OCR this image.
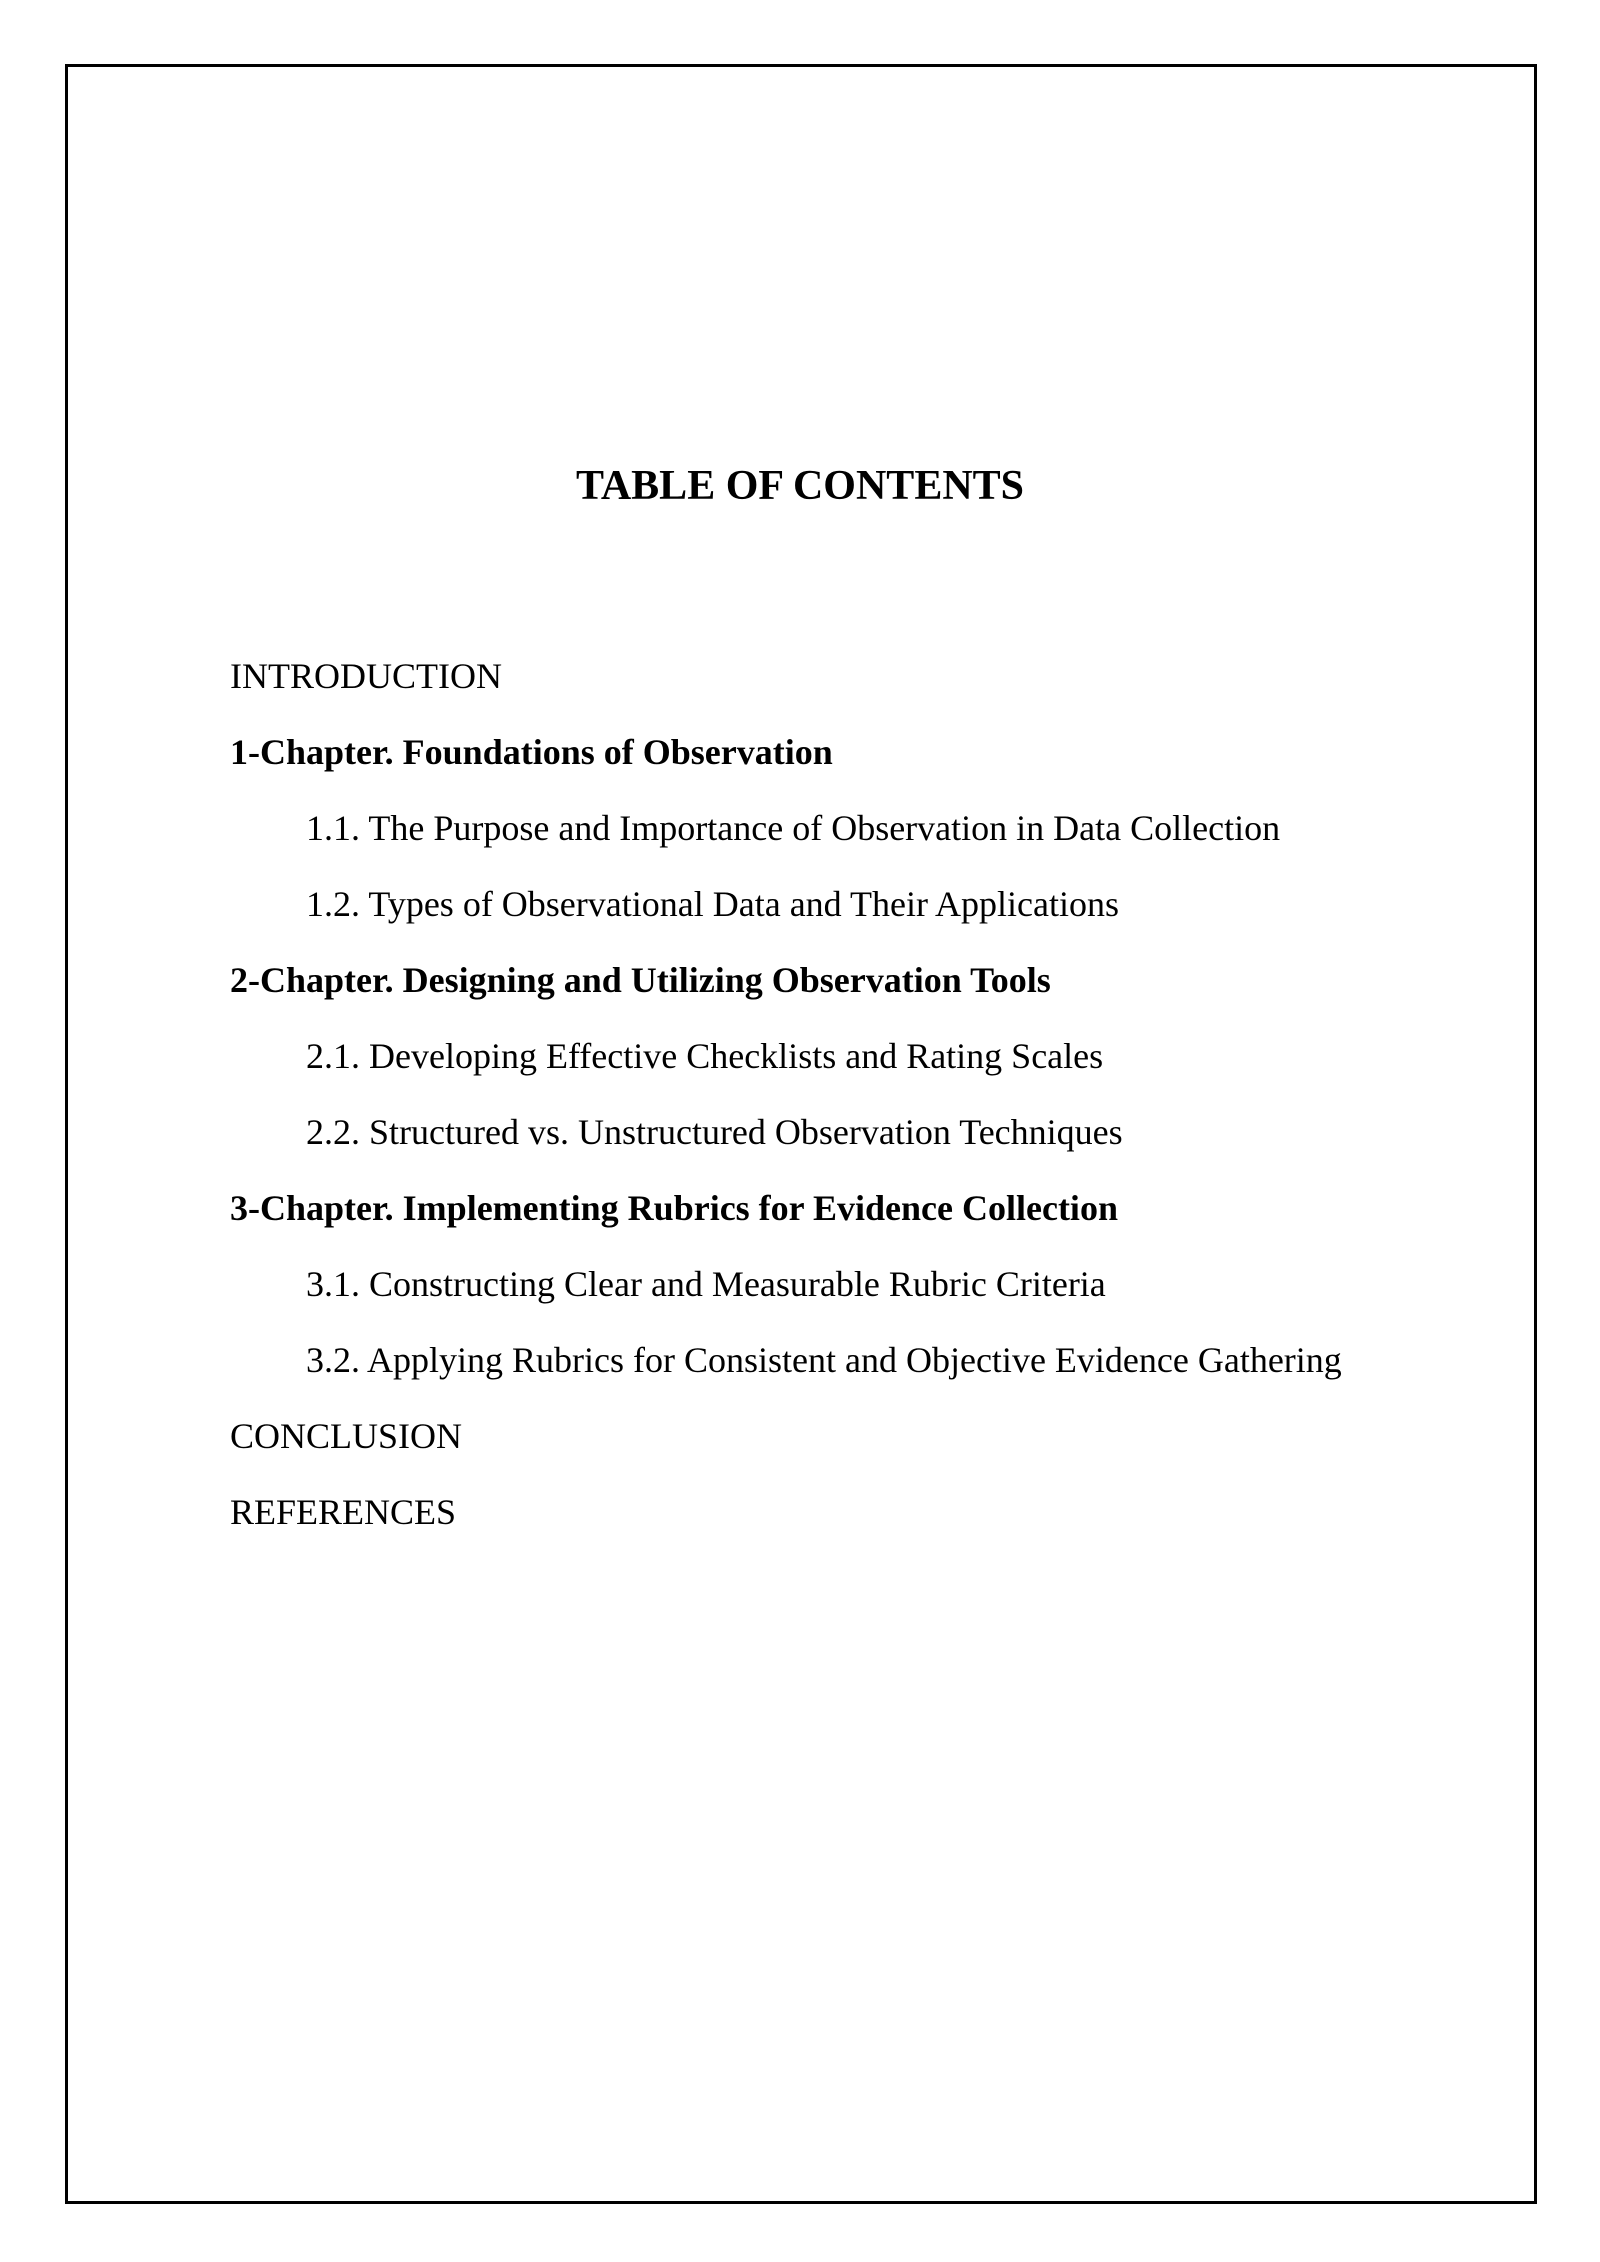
TABLE OF CONTENTS
INTRODUCTION
1-Chapter. Foundations of Observation
1.1. The Purpose and Importance of Observation in Data Collection
1.2. Types of Observational Data and Their Applications
2-Chapter. Designing and Utilizing Observation Tools
2.1. Developing Effective Checklists and Rating Scales
2.2. Structured vs. Unstructured Observation Techniques
3-Chapter. Implementing Rubrics for Evidence Collection
3.1. Constructing Clear and Measurable Rubric Criteria
3.2. Applying Rubrics for Consistent and Objective Evidence Gathering
CONCLUSION
REFERENCES
